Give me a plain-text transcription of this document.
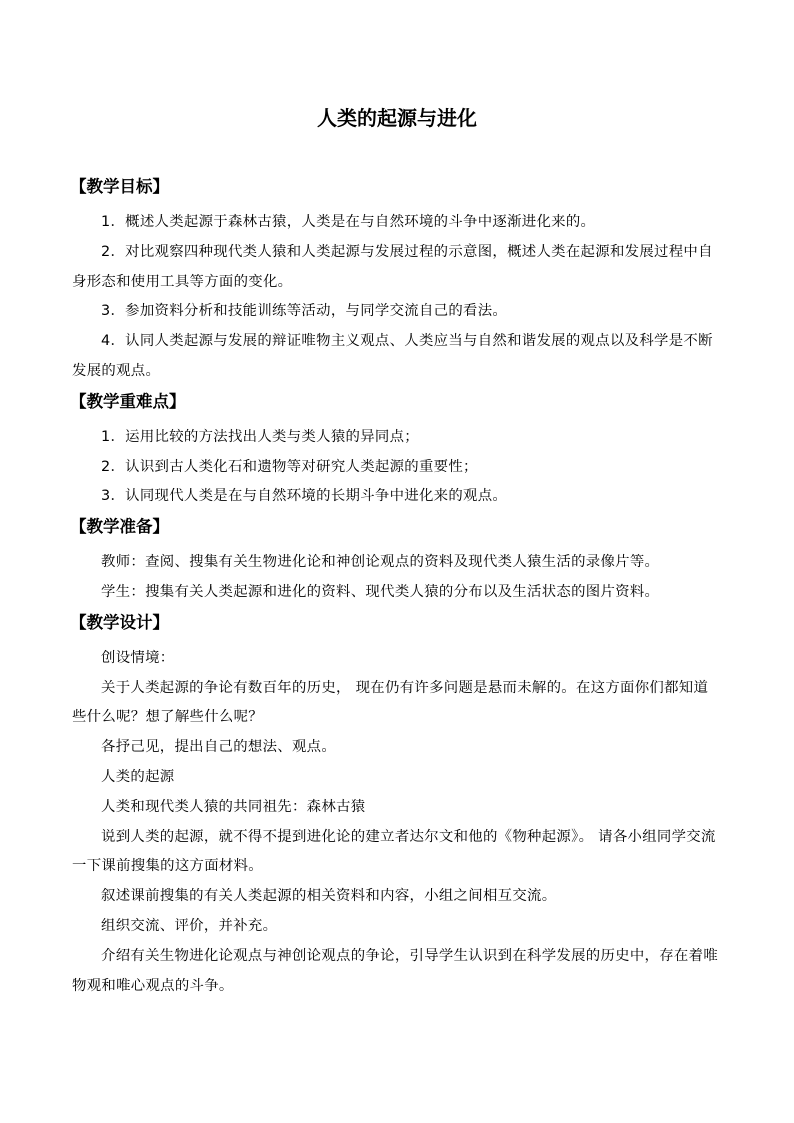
人类的起源与进化
【教学目标】

1．概述人类起源于森林古猿，人类是在与自然环境的斗争中逐渐进化来的。

2．对比观察四种现代类人猿和人类起源与发展过程的示意图，概述人类在起源和发展过程中自身形态和使用工具等方面的变化。

3．参加资料分析和技能训练等活动，与同学交流自己的看法。

4．认同人类起源与发展的辩证唯物主义观点、人类应当与自然和谐发展的观点以及科学是不断发展的观点。

【教学重难点】

1．运用比较的方法找出人类与类人猿的异同点；

2．认识到古人类化石和遗物等对研究人类起源的重要性；

3．认同现代人类是在与自然环境的长期斗争中进化来的观点。

【教学准备】

教师：查阅、搜集有关生物进化论和神创论观点的资料及现代类人猿生活的录像片等。

学生：搜集有关人类起源和进化的资料、现代类人猿的分布以及生活状态的图片资料。

【教学设计】

创设情境：

关于人类起源的争论有数百年的历史， 现在仍有许多问题是悬而未解的。在这方面你们都知道些什么呢？想了解些什么呢？

各抒己见，提出自己的想法、观点。

人类的起源

人类和现代类人猿的共同祖先：森林古猿

说到人类的起源，就不得不提到进化论的建立者达尔文和他的《物种起源》。 请各小组同学交流一下课前搜集的这方面材料。

叙述课前搜集的有关人类起源的相关资料和内容，小组之间相互交流。

组织交流、评价，并补充。

介绍有关生物进化论观点与神创论观点的争论，引导学生认识到在科学发展的历史中，存在着唯物观和唯心观点的斗争。
